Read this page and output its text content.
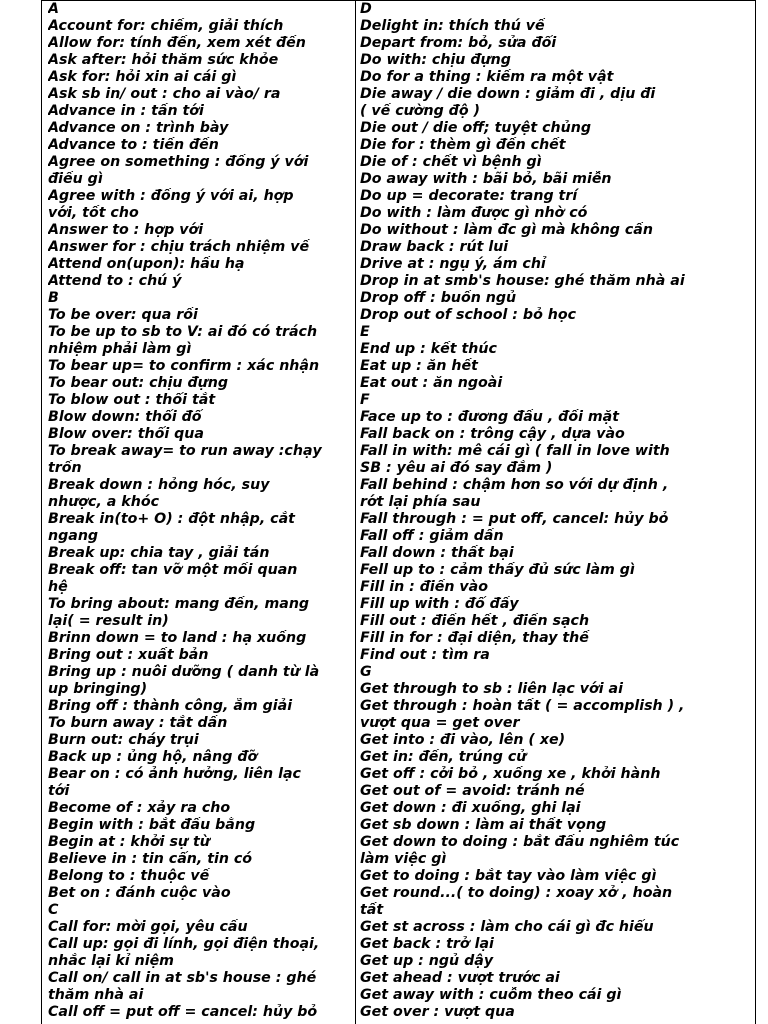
A
Account for: chiếm, giải thích
Allow for: tính đến, xem xét đến
Ask after: hỏi thăm sức khỏe
Ask for: hỏi xin ai cái gì
Ask sb in/ out : cho ai vào/ ra
Advance in : tấn tới
Advance on : trình bày
Advance to : tiến đến
Agree on something : đồng ý với
điều gì
Agree with : đồng ý với ai, hợp
với, tốt cho
Answer to : hợp với
Answer for : chịu trách nhiệm về
Attend on(upon): hầu hạ
Attend to : chú ý
B
To be over: qua rồi
To be up to sb to V: ai đó có trách
nhiệm phải làm gì
To bear up= to confirm : xác nhận
To bear out: chịu đựng
To blow out : thổi tắt
Blow down: thổi đổ
Blow over: thổi qua
To break away= to run away :chạy
trốn
Break down : hỏng hóc, suy
nhược, a khóc
Break in(to+ O) : đột nhập, cắt
ngang
Break up: chia tay , giải tán
Break off: tan vỡ một mối quan
hệ
To bring about: mang đến, mang
lại( = result in)
Brinn down = to land : hạ xuống
Bring out : xuất bản
Bring up : nuôi dưỡng ( danh từ là
up bringing)
Bring off : thành công, ẵm giải
To burn away : tắt dần
Burn out: cháy trụi
Back up : ủng hộ, nâng đỡ
Bear on : có ảnh hưởng, liên lạc
tới
Become of : xảy ra cho
Begin with : bắt đầu bằng
Begin at : khởi sự từ
Believe in : tin cẩn, tin có
Belong to : thuộc về
Bet on : đánh cuộc vào
C
Call for: mời gọi, yêu cầu
Call up: gọi đi lính, gọi điện thoại,
nhắc lại kỉ niệm
Call on/ call in at sb's house : ghé
thăm nhà ai
Call off = put off = cancel: hủy bỏ
D
Delight in: thích thú về
Depart from: bỏ, sửa đổi
Do with: chịu đựng
Do for a thing : kiếm ra một vật
Die away / die down : giảm đi , dịu đi
( về cường độ )
Die out / die off; tuyệt chủng
Die for : thèm gì đến chết
Die of : chết vì bệnh gì
Do away with : bãi bỏ, bãi miễn
Do up = decorate: trang trí
Do with : làm được gì nhờ có
Do without : làm đc gì mà không cần
Draw back : rút lui
Drive at : ngụ ý, ám chỉ
Drop in at smb's house: ghé thăm nhà ai
Drop off : buồn ngủ
Drop out of school : bỏ học
E
End up : kết thúc
Eat up : ăn hết
Eat out : ăn ngoài
F
Face up to : đương đầu , đối mặt
Fall back on : trông cậy , dựa vào
Fall in with: mê cái gì ( fall in love with
SB : yêu ai đó say đắm )
Fall behind : chậm hơn so với dự định ,
rớt lại phía sau
Fall through : = put off, cancel: hủy bỏ
Fall off : giảm dần
Fall down : thất bại
Fell up to : cảm thấy đủ sức làm gì
Fill in : điền vào
Fill up with : đổ đầy
Fill out : điền hết , điền sạch
Fill in for : đại diện, thay thế
Find out : tìm ra
G
Get through to sb : liên lạc với ai
Get through : hoàn tất ( = accomplish ) ,
vượt qua = get over
Get into : đi vào, lên ( xe)
Get in: đến, trúng cử
Get off : cởi bỏ , xuống xe , khởi hành
Get out of = avoid: tránh né
Get down : đi xuống, ghi lại
Get sb down : làm ai thất vọng
Get down to doing : bắt đầu nghiêm túc
làm việc gì
Get to doing : bắt tay vào làm việc gì
Get round...( to doing) : xoay xở , hoàn
tất
Get st across : làm cho cái gì đc hiểu
Get back : trở lại
Get up : ngủ dậy
Get ahead : vượt trước ai
Get away with : cuỗm theo cái gì
Get over : vượt qua
